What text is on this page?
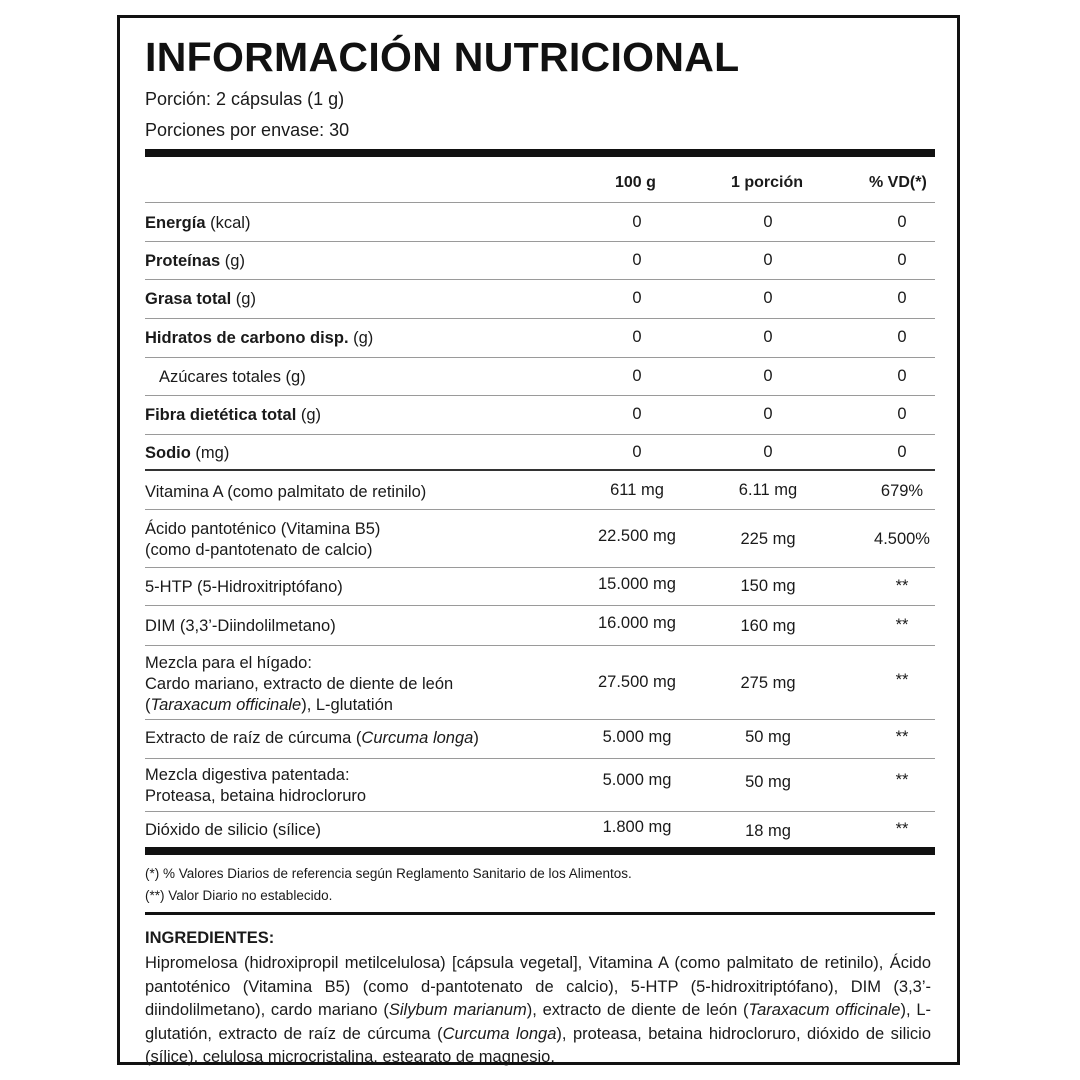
INFORMACIÓN NUTRICIONAL
Porción: 2 cápsulas (1 g)
Porciones por envase: 30
100 g	1 porción	% VD(*)
Energía (kcal)	0	0	0
Proteínas (g)	0	0	0
Grasa total (g)	0	0	0
Hidratos de carbono disp. (g)	0	0	0
Azúcares totales (g)	0	0	0
Fibra dietética total (g)	0	0	0
Sodio (mg)	0	0	0
Vitamina A (como palmitato de retinilo)	611 mg	6.11 mg	679%
Ácido pantoténico (Vitamina B5)
(como d-pantotenato de calcio)
22.500 mg	225 mg	4.500%
5-HTP (5-Hidroxitriptófano)	15.000 mg	150 mg	**
DIM (3,3’-Diindolilmetano)	16.000 mg	160 mg	**
Mezcla para el hígado:
Cardo mariano, extracto de diente de león
(Taraxacum officinale), L-glutatión
27.500 mg	275 mg	**
Extracto de raíz de cúrcuma (Curcuma longa)	5.000 mg	50 mg	**
Mezcla digestiva patentada:
Proteasa, betaina hidrocloruro
5.000 mg	50 mg	**
Dióxido de silicio (sílice)	1.800 mg	18 mg	**
(*) % Valores Diarios de referencia según Reglamento Sanitario de los Alimentos.
(**) Valor Diario no establecido.
INGREDIENTES:
Hipromelosa (hidroxipropil metilcelulosa) [cápsula vegetal], Vitamina A (como palmitato de retinilo), Ácido pantoténico (Vitamina B5) (como d-pantotenato de calcio), 5-HTP (5-hidroxitriptófano), DIM (3,3’-diindolilmetano), cardo mariano (Silybum marianum), extracto de diente de león (Taraxacum officinale), L-glutatión, extracto de raíz de cúrcuma (Curcuma longa), proteasa, betaina hidrocloruro, dióxido de silicio (sílice), celulosa microcristalina, estearato de magnesio.
